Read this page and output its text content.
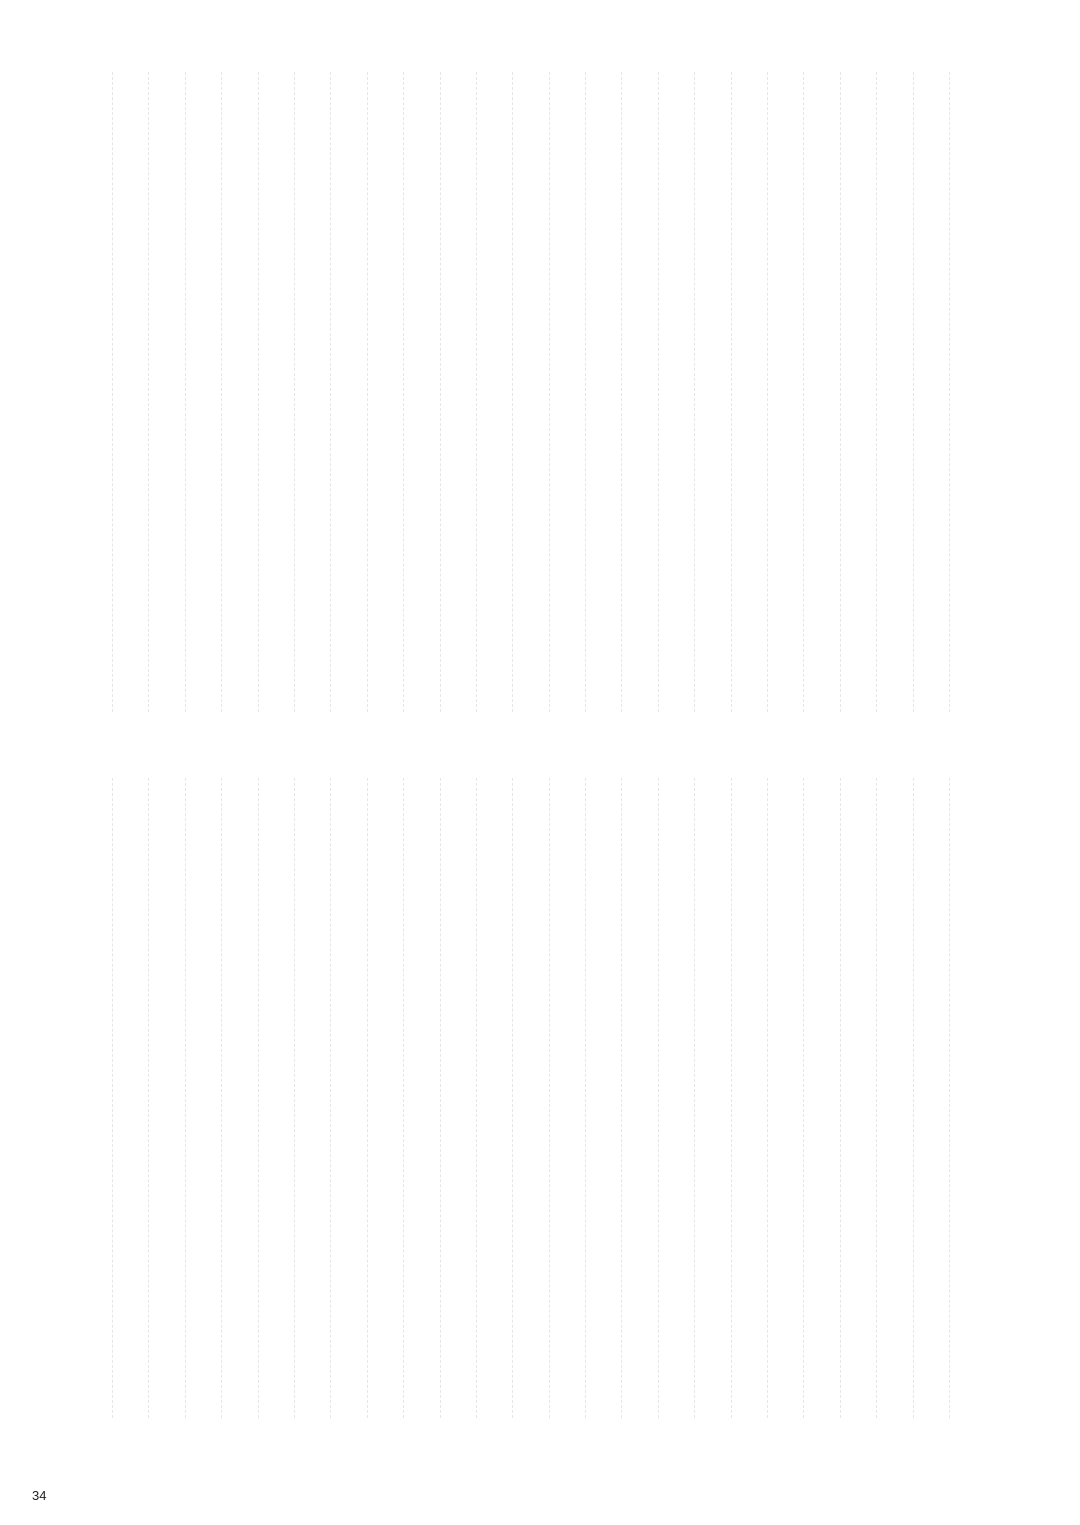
34
